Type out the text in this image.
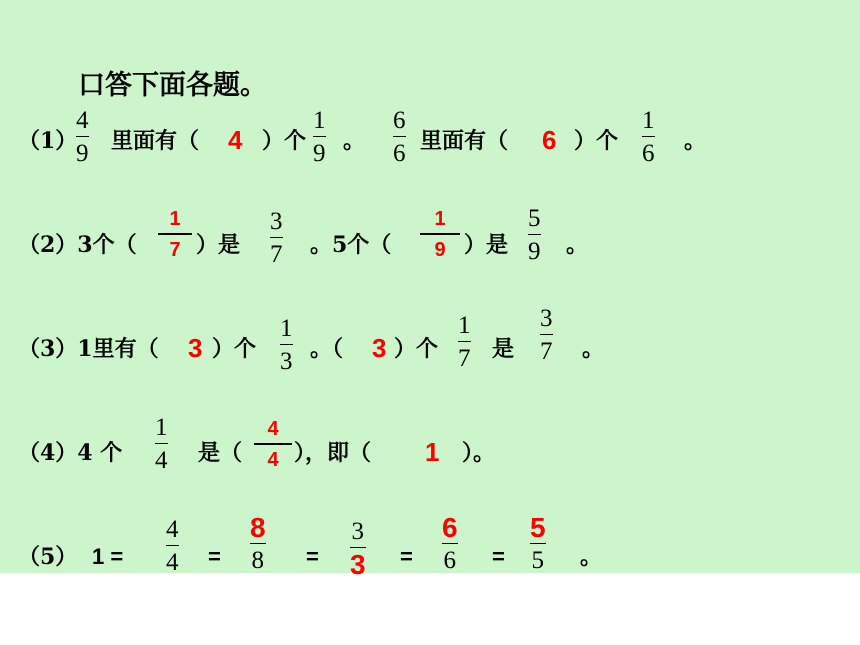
口答下面各题。
（1）
4
9 里面有（ 4 ）个
1
9 。
6
6 里面有（ 6 ）个
1
6 。
（2）3个（
1
7 ）是
3
7 。5个（
1
9 ）是
5
9 。
（3）1里有（ 3 ）个
1
3 。（ 3 ）个
1
7 是
3
7 。
（4）4 个
1
4 是（
4
4 ），即（ 1 ）。
（5） 1 =
4
4 =
8
8 =
3
3 =
6
6 =
5
5 。
